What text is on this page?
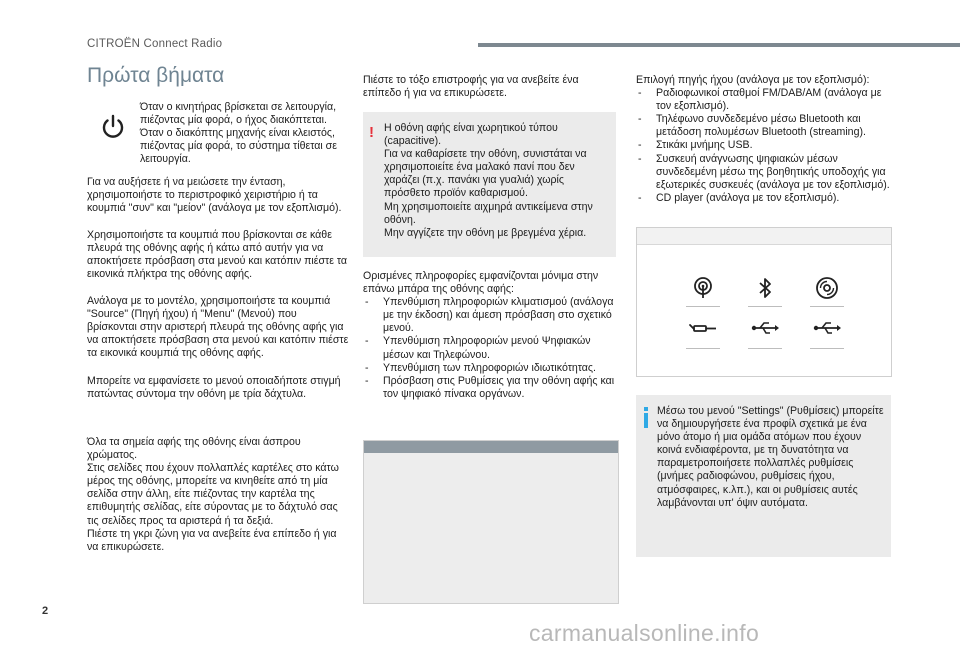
CITROËN Connect Radio
Πρώτα βήματα

Όταν ο κινητήρας βρίσκεται σε λειτουργία, πιέζοντας μία φορά, ο ήχος διακόπτεται. Όταν ο διακόπτης μηχανής είναι κλειστός, πιέζοντας μία φορά, το σύστημα τίθεται σε λειτουργία.

Για να αυξήσετε ή να μειώσετε την ένταση, χρησιμοποιήστε το περιστροφικό χειριστήριο ή τα κουμπιά "συν" και "μείον" (ανάλογα με τον εξοπλισμό).

Χρησιμοποιήστε τα κουμπιά που βρίσκονται σε κάθε πλευρά της οθόνης αφής ή κάτω από αυτήν για να αποκτήσετε πρόσβαση στα μενού και κατόπιν πιέστε τα εικονικά πλήκτρα της οθόνης αφής.

Ανάλογα με το μοντέλο, χρησιμοποιήστε τα κουμπιά "Source" (Πηγή ήχου) ή "Menu" (Μενού) που βρίσκονται στην αριστερή πλευρά της οθόνης αφής για να αποκτήσετε πρόσβαση στα μενού και κατόπιν πιέστε τα εικονικά κουμπιά της οθόνης αφής.

Μπορείτε να εμφανίσετε το μενού οποιαδήποτε στιγμή πατώντας σύντομα την οθόνη με τρία δάχτυλα.

Όλα τα σημεία αφής της οθόνης είναι άσπρου χρώματος.
Στις σελίδες που έχουν πολλαπλές καρτέλες στο κάτω μέρος της οθόνης, μπορείτε να κινηθείτε από τη μία σελίδα στην άλλη, είτε πιέζοντας την καρτέλα της επιθυμητής σελίδας, είτε σύροντας με το δάχτυλό σας τις σελίδες προς τα αριστερά ή τα δεξιά.
Πιέστε τη γκρι ζώνη για να ανεβείτε ένα επίπεδο ή για να επικυρώσετε.

Πιέστε το τόξο επιστροφής για να ανεβείτε ένα επίπεδο ή για να επικυρώσετε.

! Η οθόνη αφής είναι χωρητικού τύπου (capacitive).
Για να καθαρίσετε την οθόνη, συνιστάται να χρησιμοποιείτε ένα μαλακό πανί που δεν χαράζει (π.χ. πανάκι για γυαλιά) χωρίς πρόσθετο προϊόν καθαρισμού.
Μη χρησιμοποιείτε αιχμηρά αντικείμενα στην οθόνη.
Μην αγγίζετε την οθόνη με βρεγμένα χέρια.
Ορισμένες πληροφορίες εμφανίζονται μόνιμα στην επάνω μπάρα της οθόνης αφής:
- Υπενθύμιση πληροφοριών κλιματισμού (ανάλογα με την έκδοση) και άμεση πρόσβαση στο σχετικό μενού.
- Υπενθύμιση πληροφοριών μενού Ψηφιακών μέσων και Τηλεφώνου.
- Υπενθύμιση των πληροφοριών ιδιωτικότητας.
- Πρόσβαση στις Ρυθμίσεις για την οθόνη αφής και τον ψηφιακό πίνακα οργάνων.
Επιλογή πηγής ήχου (ανάλογα με τον εξοπλισμό):
- Ραδιοφωνικοί σταθμοί FM/DAB/AM (ανάλογα με τον εξοπλισμό).
- Τηλέφωνο συνδεδεμένο μέσω Bluetooth και μετάδοση πολυμέσων Bluetooth (streaming).
- Στικάκι μνήμης USB.
- Συσκευή ανάγνωσης ψηφιακών μέσων συνδεδεμένη μέσω της βοηθητικής υποδοχής για εξωτερικές συσκευές (ανάλογα με τον εξοπλισμό).
- CD player (ανάλογα με τον εξοπλισμό).

Μέσω του μενού "Settings" (Ρυθμίσεις) μπορείτε να δημιουργήσετε ένα προφίλ σχετικά με ένα μόνο άτομο ή μια ομάδα ατόμων που έχουν κοινά ενδιαφέροντα, με τη δυνατότητα να παραμετροποιήσετε πολλαπλές ρυθμίσεις (μνήμες ραδιοφώνου, ρυθμίσεις ήχου, ατμόσφαιρες, κ.λπ.), και οι ρυθμίσεις αυτές λαμβάνονται υπ' όψιν αυτόματα.

2
carmanualsonline.info
